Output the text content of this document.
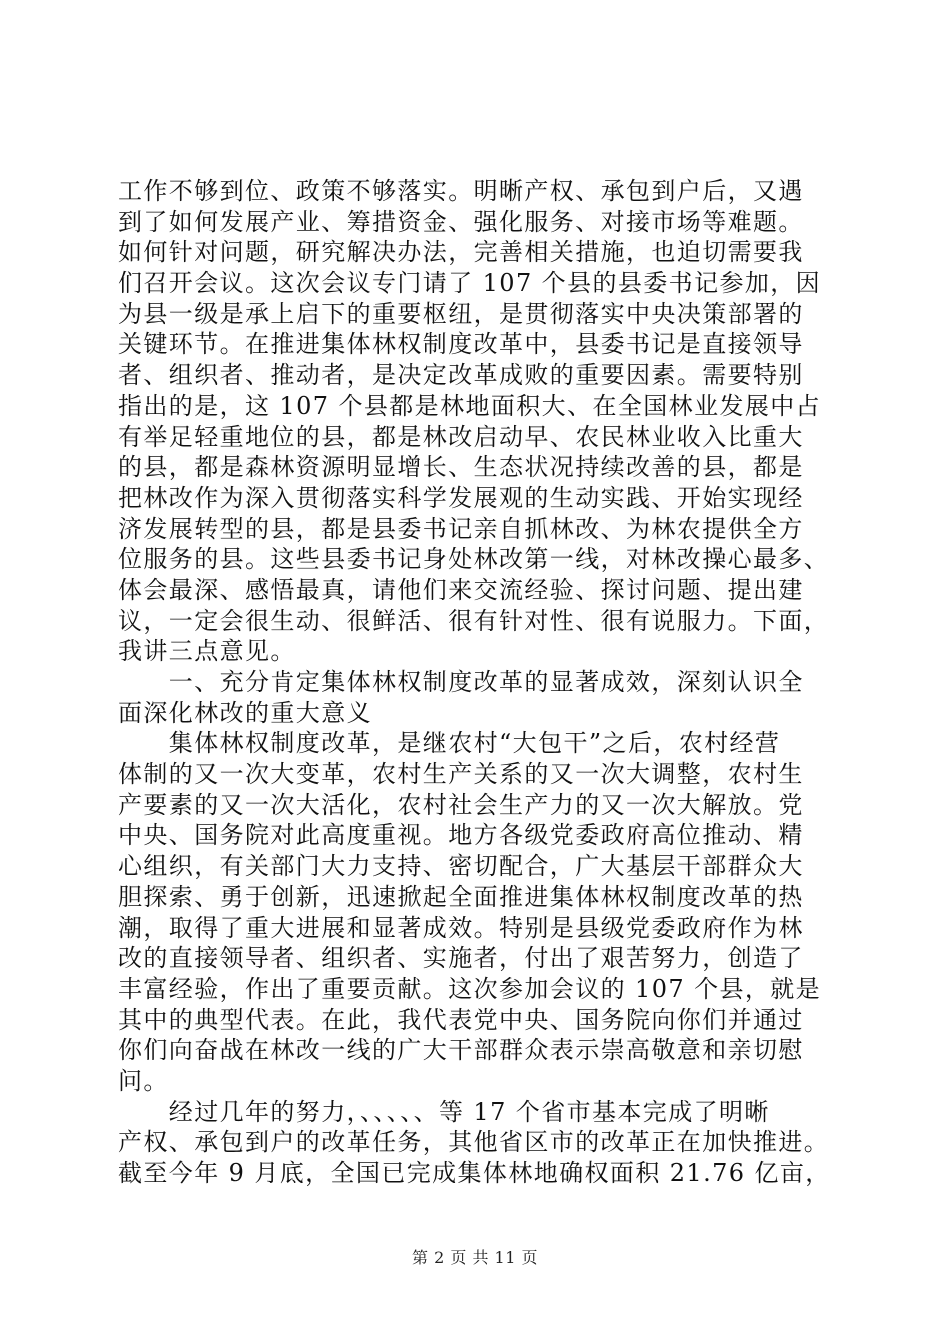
工作不够到位、政策不够落实。明晰产权、承包到户后，又遇
到了如何发展产业、筹措资金、强化服务、对接市场等难题。
如何针对问题，研究解决办法，完善相关措施，也迫切需要我
们召开会议。这次会议专门请了 107 个县的县委书记参加，因
为县一级是承上启下的重要枢纽，是贯彻落实中央决策部署的
关键环节。在推进集体林权制度改革中，县委书记是直接领导
者、组织者、推动者，是决定改革成败的重要因素。需要特别
指出的是，这 107 个县都是林地面积大、在全国林业发展中占
有举足轻重地位的县，都是林改启动早、农民林业收入比重大
的县，都是森林资源明显增长、生态状况持续改善的县，都是
把林改作为深入贯彻落实科学发展观的生动实践、开始实现经
济发展转型的县，都是县委书记亲自抓林改、为林农提供全方
位服务的县。这些县委书记身处林改第一线，对林改操心最多、
体会最深、感悟最真，请他们来交流经验、探讨问题、提出建
议，一定会很生动、很鲜活、很有针对性、很有说服力。下面，
我讲三点意见。
　　一、充分肯定集体林权制度改革的显著成效，深刻认识全
面深化林改的重大意义
　　集体林权制度改革，是继农村“大包干”之后，农村经营
体制的又一次大变革，农村生产关系的又一次大调整，农村生
产要素的又一次大活化，农村社会生产力的又一次大解放。党
中央、国务院对此高度重视。地方各级党委政府高位推动、精
心组织，有关部门大力支持、密切配合，广大基层干部群众大
胆探索、勇于创新，迅速掀起全面推进集体林权制度改革的热
潮，取得了重大进展和显著成效。特别是县级党委政府作为林
改的直接领导者、组织者、实施者，付出了艰苦努力，创造了
丰富经验，作出了重要贡献。这次参加会议的 107 个县，就是
其中的典型代表。在此，我代表党中央、国务院向你们并通过
你们向奋战在林改一线的广大干部群众表示崇高敬意和亲切慰
问。
　　经过几年的努力，、、、、、等 17 个省市基本完成了明晰
产权、承包到户的改革任务，其他省区市的改革正在加快推进。
截至今年 9 月底，全国已完成集体林地确权面积 21.76 亿亩，
第 2 页 共 11 页
